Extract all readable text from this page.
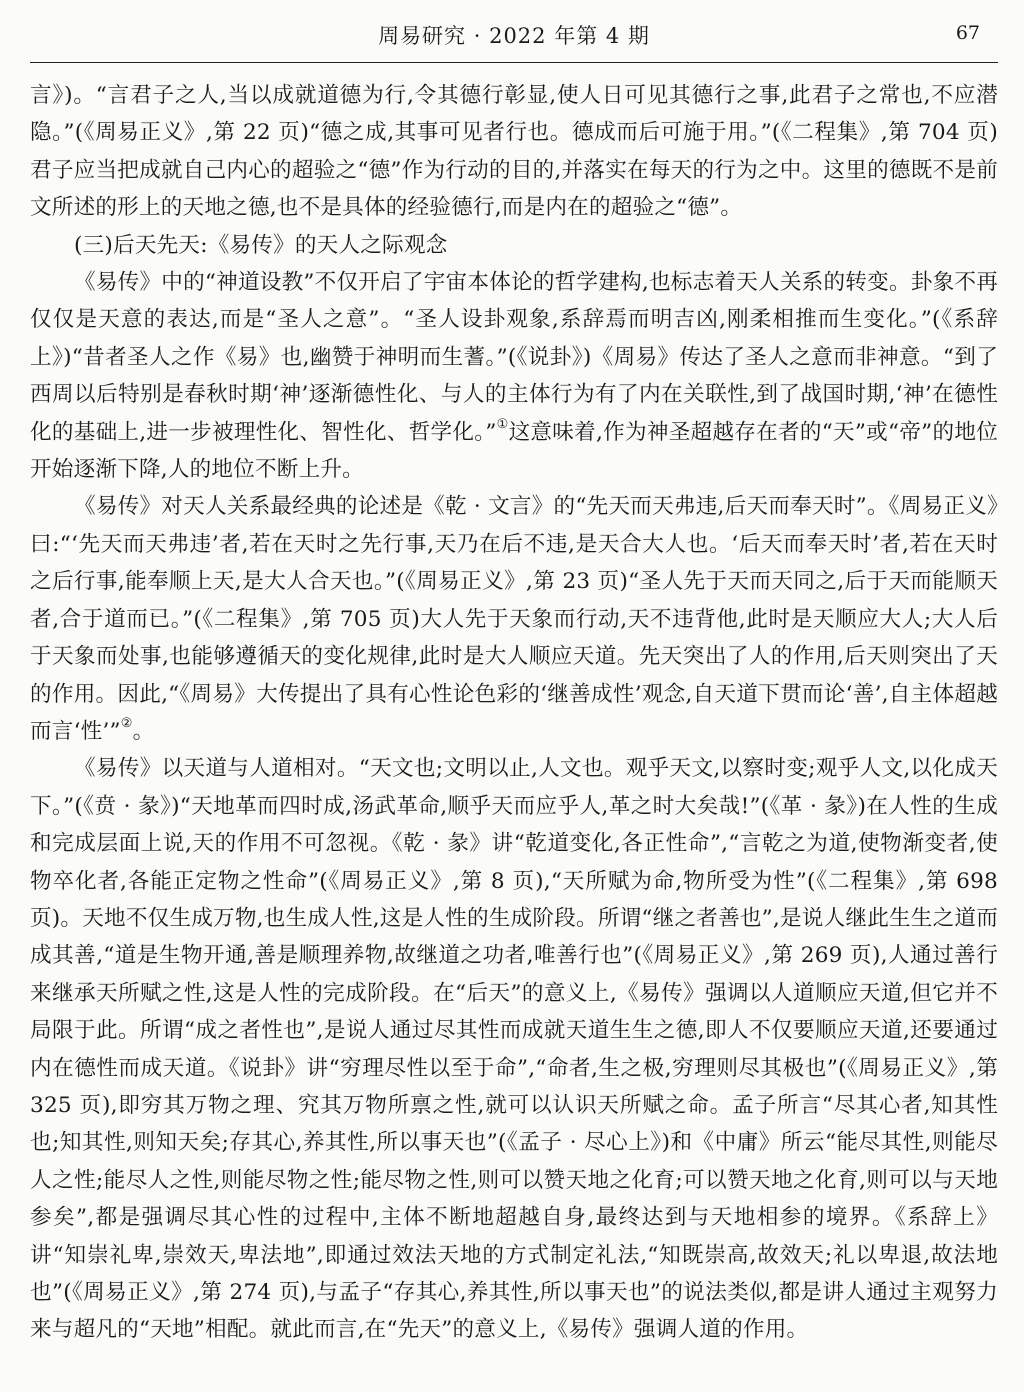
周易研究 · 2022 年第 4 期	67

言》)。“言君子之人,当以成就道德为行,令其德行彰显,使人日可见其德行之事,此君子之常也,不应潜隐。”(《周易正义》,第 22 页)“德之成,其事可见者行也。德成而后可施于用。”(《二程集》,第 704 页)君子应当把成就自己内心的超验之“德”作为行动的目的,并落实在每天的行为之中。这里的德既不是前文所述的形上的天地之德,也不是具体的经验德行,而是内在的超验之“德”。

(三)后天先天:《易传》的天人之际观念

《易传》中的“神道设教”不仅开启了宇宙本体论的哲学建构,也标志着天人关系的转变。卦象不再仅仅是天意的表达,而是“圣人之意”。“圣人设卦观象,系辞焉而明吉凶,刚柔相推而生变化。”(《系辞上》)“昔者圣人之作《易》也,幽赞于神明而生蓍。”(《说卦》)《周易》传达了圣人之意而非神意。“到了西周以后特别是春秋时期‘神’逐渐德性化、与人的主体行为有了内在关联性,到了战国时期,‘神’在德性化的基础上,进一步被理性化、智性化、哲学化。”①这意味着,作为神圣超越存在者的“天”或“帝”的地位开始逐渐下降,人的地位不断上升。

《易传》对天人关系最经典的论述是《乾 · 文言》的“先天而天弗违,后天而奉天时”。《周易正义》曰:“‘先天而天弗违’者,若在天时之先行事,天乃在后不违,是天合大人也。‘后天而奉天时’者,若在天时之后行事,能奉顺上天,是大人合天也。”(《周易正义》,第 23 页)“圣人先于天而天同之,后于天而能顺天者,合于道而已。”(《二程集》,第 705 页)大人先于天象而行动,天不违背他,此时是天顺应大人;大人后于天象而处事,也能够遵循天的变化规律,此时是大人顺应天道。先天突出了人的作用,后天则突出了天的作用。因此,“《周易》大传提出了具有心性论色彩的‘继善成性’观念,自天道下贯而论‘善’,自主体超越而言‘性’”②。

《易传》以天道与人道相对。“天文也;文明以止,人文也。观乎天文,以察时变;观乎人文,以化成天下。”(《贲 · 彖》)“天地革而四时成,汤武革命,顺乎天而应乎人,革之时大矣哉!”(《革 · 彖》)在人性的生成和完成层面上说,天的作用不可忽视。《乾 · 彖》讲“乾道变化,各正性命”,“言乾之为道,使物渐变者,使物卒化者,各能正定物之性命”(《周易正义》,第 8 页),“天所赋为命,物所受为性”(《二程集》,第 698 页)。天地不仅生成万物,也生成人性,这是人性的生成阶段。所谓“继之者善也”,是说人继此生生之道而成其善,“道是生物开通,善是顺理养物,故继道之功者,唯善行也”(《周易正义》,第 269 页),人通过善行来继承天所赋之性,这是人性的完成阶段。在“后天”的意义上,《易传》强调以人道顺应天道,但它并不局限于此。所谓“成之者性也”,是说人通过尽其性而成就天道生生之德,即人不仅要顺应天道,还要通过内在德性而成天道。《说卦》讲“穷理尽性以至于命”,“命者,生之极,穷理则尽其极也”(《周易正义》,第 325 页),即穷其万物之理、究其万物所禀之性,就可以认识天所赋之命。孟子所言“尽其心者,知其性也;知其性,则知天矣;存其心,养其性,所以事天也”(《孟子 · 尽心上》)和《中庸》所云“能尽其性,则能尽人之性;能尽人之性,则能尽物之性;能尽物之性,则可以赞天地之化育;可以赞天地之化育,则可以与天地参矣”,都是强调尽其心性的过程中,主体不断地超越自身,最终达到与天地相参的境界。《系辞上》讲“知崇礼卑,崇效天,卑法地”,即通过效法天地的方式制定礼法,“知既崇高,故效天;礼以卑退,故法地也”(《周易正义》,第 274 页),与孟子“存其心,养其性,所以事天也”的说法类似,都是讲人通过主观努力来与超凡的“天地”相配。就此而言,在“先天”的意义上,《易传》强调人道的作用。
